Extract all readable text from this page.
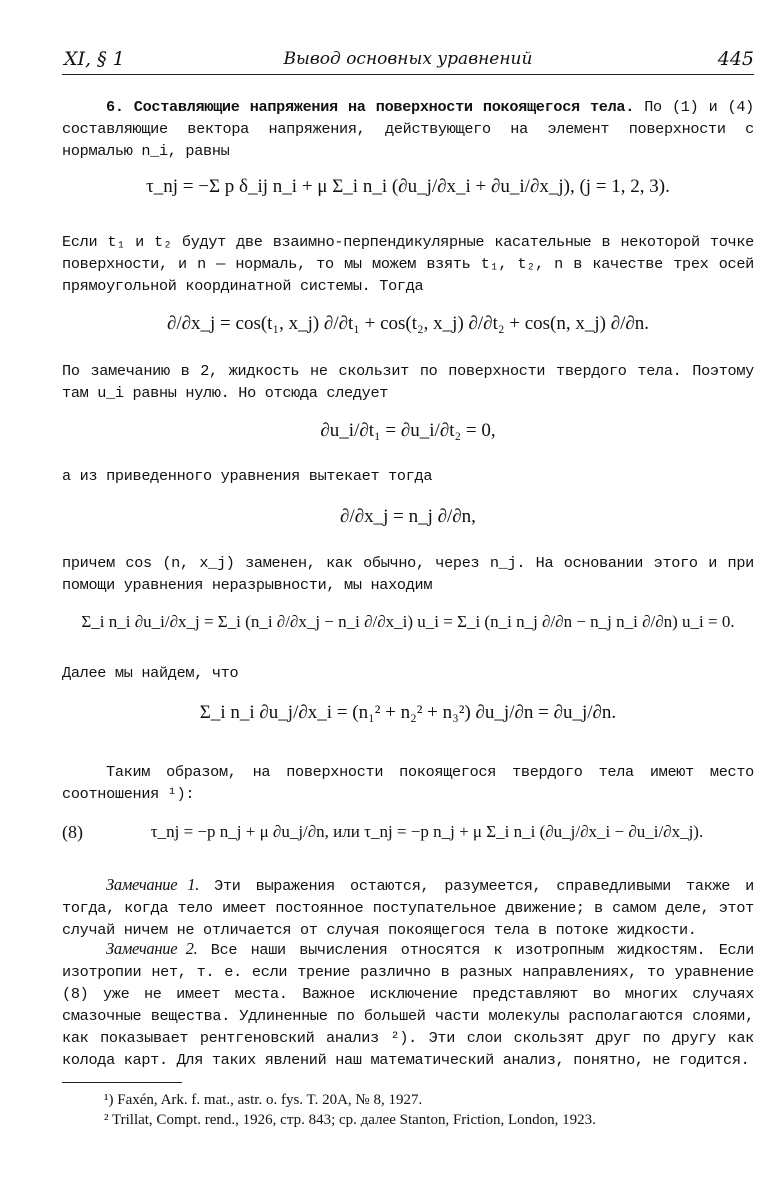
XI, § 1	Вывод основных уравнений	445

6. Составляющие напряжения на поверхности покоящегося тела. По (1) и (4) составляющие вектора напряжения, действующего на элемент поверхности с нормалью n_i, равны

τ_nj = −Σ p δ_ij n_i + μ Σ_i n_i (∂u_j/∂x_i + ∂u_i/∂x_j), (j = 1, 2, 3).

Если t₁ и t₂ будут две взаимно-перпендикулярные касательные в некоторой точке поверхности, и n — нормаль, то мы можем взять t₁, t₂, n в качестве трех осей прямоугольной координатной системы. Тогда

∂/∂x_j = cos(t₁, x_j) ∂/∂t₁ + cos(t₂, x_j) ∂/∂t₂ + cos(n, x_j) ∂/∂n.

По замечанию в 2, жидкость не скользит по поверхности твердого тела. Поэтому там u_i равны нулю. Но отсюда следует

∂u_i/∂t₁ = ∂u_i/∂t₂ = 0,

а из приведенного уравнения вытекает тогда

∂/∂x_j = n_j ∂/∂n,

причем cos (n, x_j) заменен, как обычно, через n_j. На основании этого и при помощи уравнения неразрывности, мы находим

Σ_i n_i ∂u_i/∂x_j = Σ_i (n_i ∂/∂x_j − n_i ∂/∂x_i) u_i = Σ_i (n_i n_j ∂/∂n − n_j n_i ∂/∂n) u_i = 0.

Далее мы найдем, что

Σ_i n_i ∂u_j/∂x_i = (n₁² + n₂² + n₃²) ∂u_j/∂n = ∂u_j/∂n.

Таким образом, на поверхности покоящегося твердого тела имеют место соотношения ¹):

(8)	τ_nj = −p n_j + μ ∂u_j/∂n, или τ_nj = −p n_j + μ Σ_i n_i (∂u_j/∂x_i − ∂u_i/∂x_j).

Замечание 1. Эти выражения остаются, разумеется, справедливыми также и тогда, когда тело имеет постоянное поступательное движение; в самом деле, этот случай ничем не отличается от случая покоящегося тела в потоке жидкости.

Замечание 2. Все наши вычисления относятся к изотропным жидкостям. Если изотропии нет, т. е. если трение различно в разных направлениях, то уравнение (8) уже не имеет места. Важное исключение представляют во многих случаях смазочные вещества. Удлиненные по большей части молекулы располагаются слоями, как показывает рентгеновский анализ ²). Эти слои скользят друг по другу как колода карт. Для таких явлений наш математический анализ, понятно, не годится.

¹) Faxén, Ark. f. mat., astr. o. fys. T. 20A, № 8, 1927.
² Trillat, Compt. rend., 1926, стр. 843; ср. далее Stanton, Friction, London, 1923.
